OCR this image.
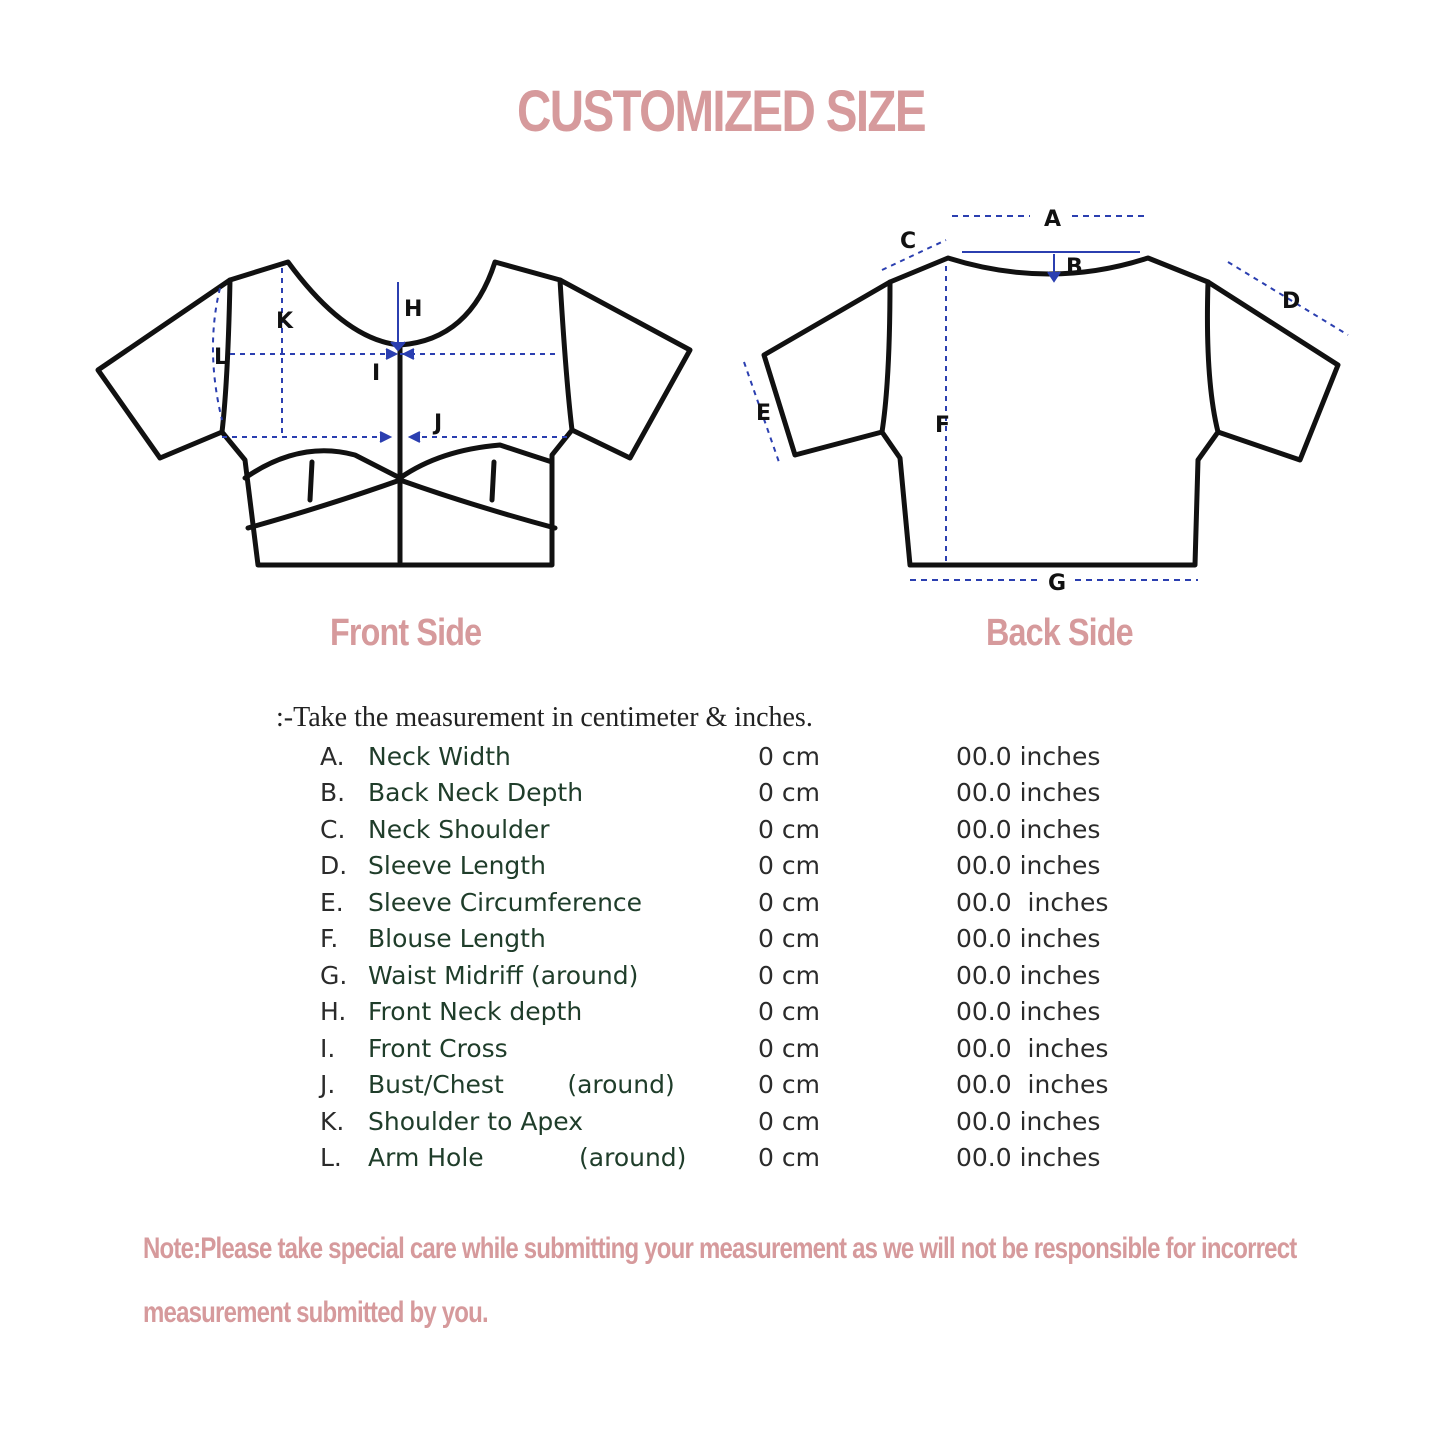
CUSTOMIZED SIZE
K	H
L
I
J
A
B
C
D
E	F
G
Front Side	Back Side
:-Take the measurement in centimeter & inches.
A.	Neck Width	0 cm	00.0 inches
B.	Back Neck Depth	0 cm	00.0 inches
C.	Neck Shoulder	0 cm	00.0 inches
D.	Sleeve Length	0 cm	00.0 inches
E.	Sleeve Circumference	0 cm	00.0  inches
F.	Blouse Length	0 cm	00.0 inches
G.	Waist Midriff (around)	0 cm	00.0 inches
H.	Front Neck depth	0 cm	00.0 inches
I.	Front Cross	0 cm	00.0  inches
J.	Bust/Chest        (around)	0 cm	00.0  inches
K.	Shoulder to Apex	0 cm	00.0 inches
L.	Arm Hole            (around)	0 cm	00.0 inches
Note:Please take special care while submitting your measurement as we will not be responsible for incorrect
measurement submitted by you.
